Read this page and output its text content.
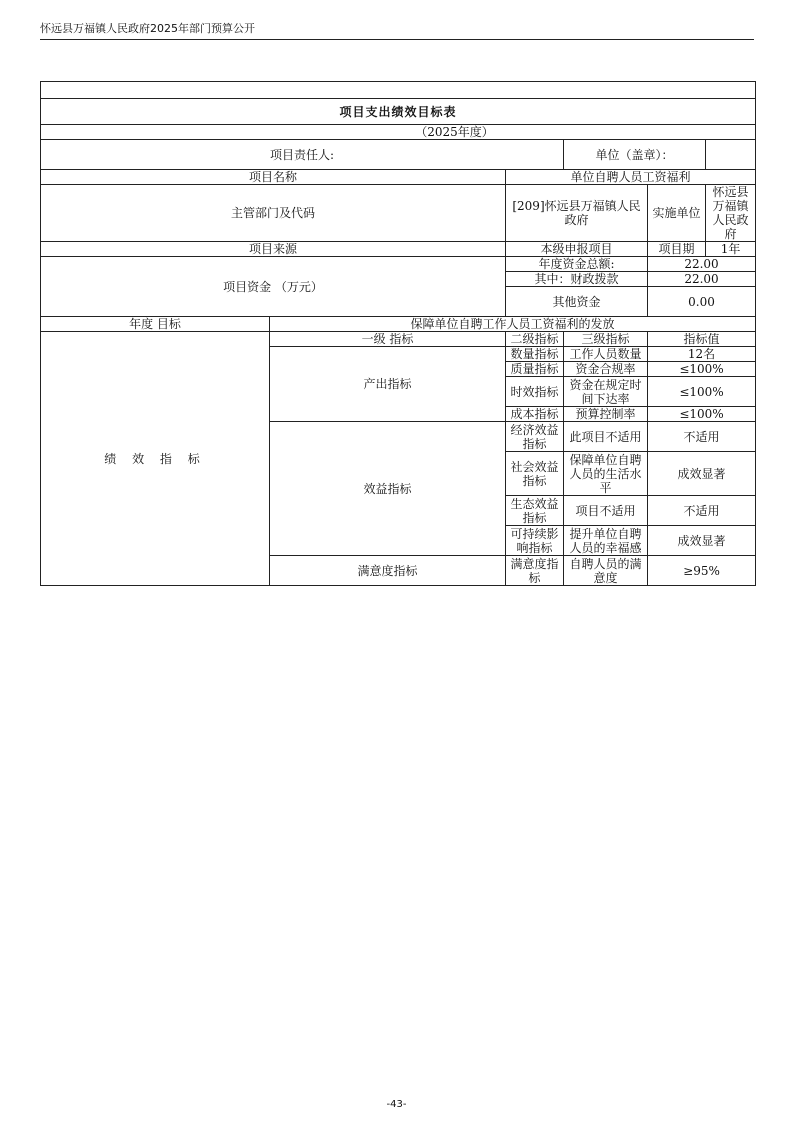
怀远县万福镇人民政府2025年部门预算公开

项目支出绩效目标表					
（2025年度）					
项目责任人:			单位（盖章）：		
项目名称		单位自聘人员工资福利			
主管部门及代码		[209]怀远县万福镇人民政府		实施单位	怀远县万福镇人民政府
项目来源		本级申报项目		项目期	1年
项目资金 （万元）		年度资金总额:		22.00	
		其中：财政拨款		22.00	
		其他资金		0.00	
年度 目标	保障单位自聘工作人员工资福利的发放				
绩 效 指 标	一级 指标	二级指标	三级指标	指标值	
	产出指标	数量指标	工作人员数量	12名	
		质量指标	资金合规率	≤100%	
		时效指标	资金在规定时间下达率	≤100%	
		成本指标	预算控制率	≤100%	
	效益指标	经济效益指标	此项目不适用	不适用	
		社会效益指标	保障单位自聘人员的生活水平	成效显著	
		生态效益指标	项目不适用	不适用	
		可持续影响指标	提升单位自聘人员的幸福感	成效显著	
	满意度指标	满意度指标	自聘人员的满意度	≥95%	
-43-
